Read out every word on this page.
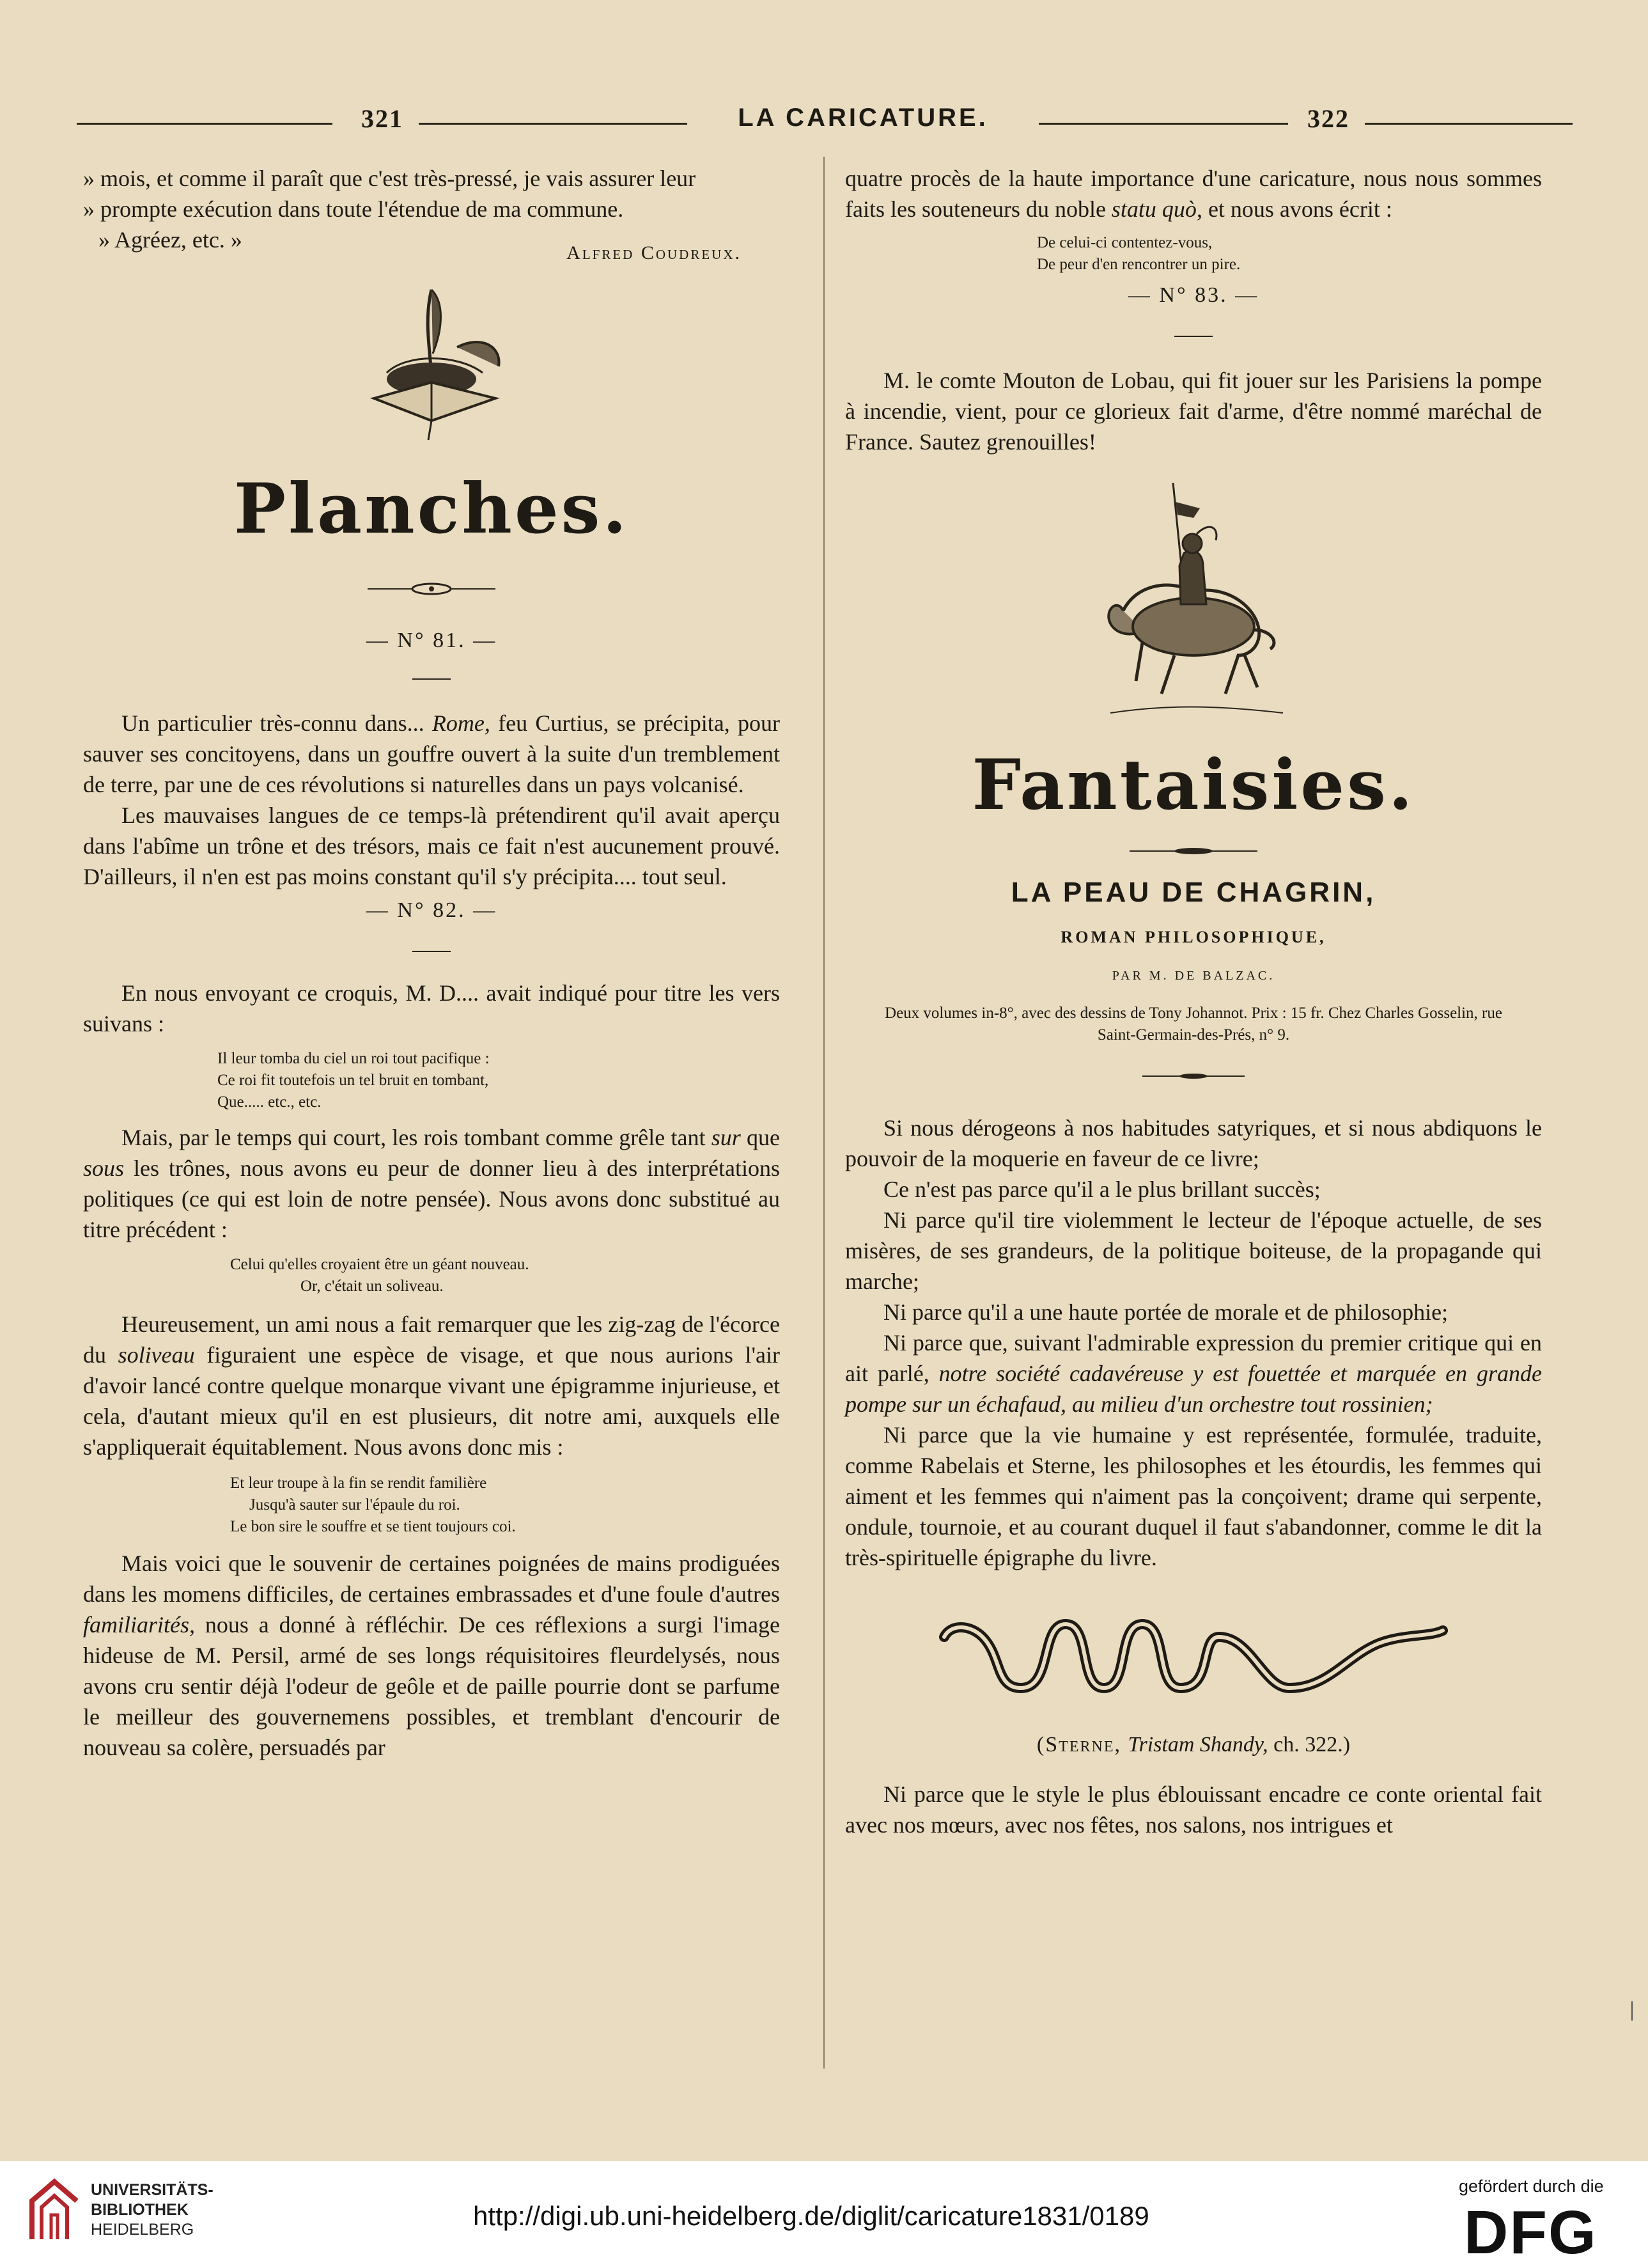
321	LA CARICATURE.	322

» mois, et comme il paraît que c'est très-pressé, je vais assurer leur

» prompte exécution dans toute l'étendue de ma commune.

» Agréez, etc. »

Alfred Coudreux.
Planches.
— N° 81. —

Un particulier très-connu dans... Rome, feu Curtius, se précipita, pour sauver ses concitoyens, dans un gouffre ouvert à la suite d'un tremblement de terre, par une de ces révolutions si naturelles dans un pays volcanisé.

Les mauvaises langues de ce temps-là prétendirent qu'il avait aperçu dans l'abîme un trône et des trésors, mais ce fait n'est aucunement prouvé. D'ailleurs, il n'en est pas moins constant qu'il s'y précipita.... tout seul.

— N° 82. —

En nous envoyant ce croquis, M. D.... avait indiqué pour titre les vers suivans :

Il leur tomba du ciel un roi tout pacifique :
Ce roi fit toutefois un tel bruit en tombant,
Que..... etc., etc.

Mais, par le temps qui court, les rois tombant comme grêle tant sur que sous les trônes, nous avons eu peur de donner lieu à des interprétations politiques (ce qui est loin de notre pensée). Nous avons donc substitué au titre précédent :

Celui qu'elles croyaient être un géant nouveau.
Or, c'était un soliveau.

Heureusement, un ami nous a fait remarquer que les zig-zag de l'écorce du soliveau figuraient une espèce de visage, et que nous aurions l'air d'avoir lancé contre quelque monarque vivant une épigramme injurieuse, et cela, d'autant mieux qu'il en est plusieurs, dit notre ami, auxquels elle s'appliquerait équitablement. Nous avons donc mis :

Et leur troupe à la fin se rendit familière
Jusqu'à sauter sur l'épaule du roi.
Le bon sire le souffre et se tient toujours coi.

Mais voici que le souvenir de certaines poignées de mains prodiguées dans les momens difficiles, de certaines embrassades et d'une foule d'autres familiarités, nous a donné à réfléchir. De ces réflexions a surgi l'image hideuse de M. Persil, armé de ses longs réquisitoires fleurdelysés, nous avons cru sentir déjà l'odeur de geôle et de paille pourrie dont se parfume le meilleur des gouvernemens possibles, et tremblant d'encourir de nouveau sa colère, persuadés par

quatre procès de la haute importance d'une caricature, nous nous sommes faits les souteneurs du noble statu quò, et nous avons écrit :

De celui-ci contentez-vous,
De peur d'en rencontrer un pire.
— N° 83. —

M. le comte Mouton de Lobau, qui fit jouer sur les Parisiens la pompe à incendie, vient, pour ce glorieux fait d'arme, d'être nommé maréchal de France. Sautez grenouilles!

Fantaisies.
LA PEAU DE CHAGRIN,
ROMAN PHILOSOPHIQUE,
PAR M. DE BALZAC.
Deux volumes in-8°, avec des dessins de Tony Johannot. Prix : 15 fr. Chez Charles Gosselin, rue Saint-Germain-des-Prés, n° 9.

Si nous dérogeons à nos habitudes satyriques, et si nous abdiquons le pouvoir de la moquerie en faveur de ce livre;

Ce n'est pas parce qu'il a le plus brillant succès;

Ni parce qu'il tire violemment le lecteur de l'époque actuelle, de ses misères, de ses grandeurs, de la politique boiteuse, de la propagande qui marche;

Ni parce qu'il a une haute portée de morale et de philosophie;

Ni parce que, suivant l'admirable expression du premier critique qui en ait parlé, notre société cadavéreuse y est fouettée et marquée en grande pompe sur un échafaud, au milieu d'un orchestre tout rossinien;

Ni parce que la vie humaine y est représentée, formulée, traduite, comme Rabelais et Sterne, les philosophes et les étourdis, les femmes qui aiment et les femmes qui n'aiment pas la conçoivent; drame qui serpente, ondule, tournoie, et au courant duquel il faut s'abandonner, comme le dit la très-spirituelle épigraphe du livre.

(Sterne, Tristam Shandy, ch. 322.)

Ni parce que le style le plus éblouissant encadre ce conte oriental fait avec nos mœurs, avec nos fêtes, nos salons, nos intrigues et

UNIVERSITÄTS-
BIBLIOTHEK
HEIDELBERG	http://digi.ub.uni-heidelberg.de/diglit/caricature1831/0189
gefördert durch die
DFG
